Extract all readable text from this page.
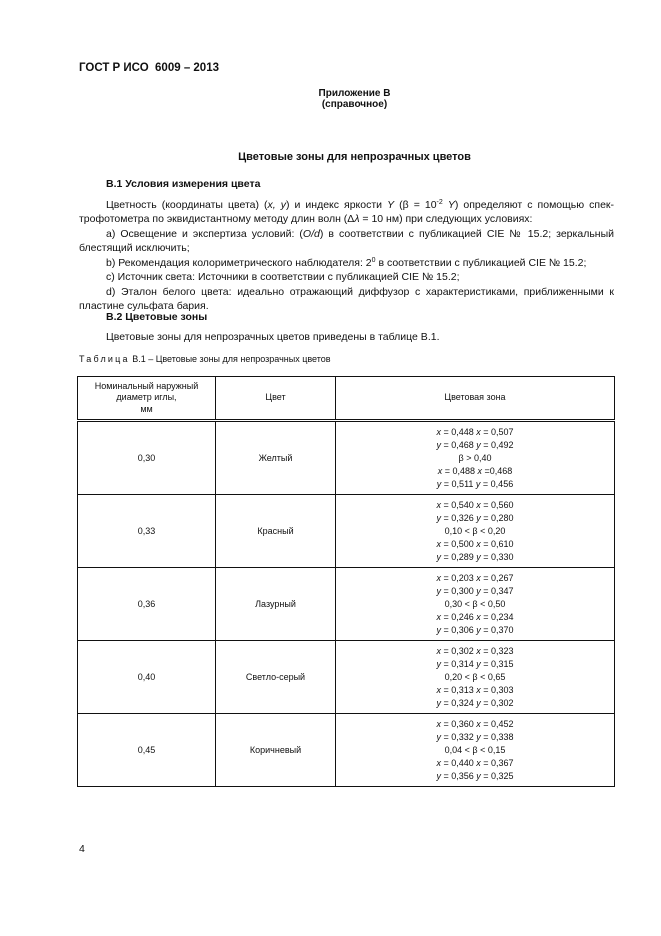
ГОСТ Р ИСО  6009 – 2013
Приложение В
(справочное)
Цветовые зоны для непрозрачных цветов
В.1 Условия измерения цвета
Цветность (координаты цвета) (x, y) и индекс яркости Y ($\beta = 10^{-2}$ Y) определяют с помощью спек-трофотометра по эквидистантному методу длин волн (Δλ = 10 нм) при следующих условиях:
а) Освещение и экспертиза условий: (O/d) в соответствии с публикацией CIE № 15.2; зеркальный блестящий исключить;
b) Рекомендация колориметрического наблюдателя: $2^0$ в соответствии с публикацией CIE № 15.2;
с) Источник света: Источники в соответствии с публикацией CIE № 15.2;
d) Эталон белого цвета: идеально отражающий диффузор с характеристиками, приближенными к пластине сульфата бария.
В.2 Цветовые зоны
Цветовые зоны для непрозрачных цветов приведены в таблице В.1.
Таблица В.1 – Цветовые зоны для непрозрачных цветов
Номинальный наружный
диаметр иглы,
мм	Цвет	Цветовая зона
0,30	Желтый	x = 0,448 x = 0,507
y = 0,468 y = 0,492
β > 0,40
x = 0,488 x =0,468
y = 0,511 y = 0,456

0,33	Красный	x = 0,540 x = 0,560
y = 0,326 y = 0,280
0,10 < β < 0,20
x = 0,500 x = 0,610
y = 0,289 y = 0,330

0,36	Лазурный	x = 0,203 x = 0,267
y = 0,300 y = 0,347
0,30 < β < 0,50
x = 0,246 x = 0,234
y = 0,306 y = 0,370

0,40	Светло-серый	x = 0,302 x = 0,323
y = 0,314 y = 0,315
0,20 < β < 0,65
x = 0,313 x = 0,303
y = 0,324 y = 0,302

0,45	Коричневый	x = 0,360 x = 0,452
y = 0,332 y = 0,338
0,04 < β < 0,15
x = 0,440 x = 0,367
y = 0,356 y = 0,325
4
